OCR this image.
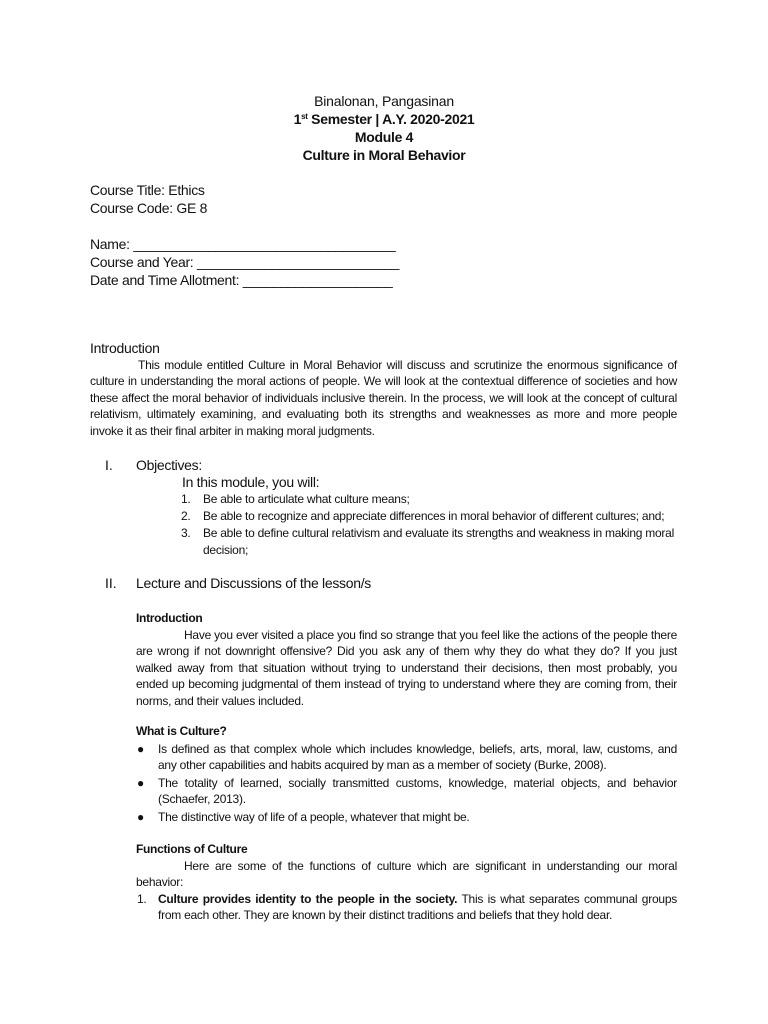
Binalonan, Pangasinan
1st Semester | A.Y. 2020-2021
Module 4
Culture in Moral Behavior
Course Title: Ethics
Course Code: GE 8
Name: ___________________________________
Course and Year: ___________________________
Date and Time Allotment: ____________________
Introduction
This module entitled Culture in Moral Behavior will discuss and scrutinize the enormous significance of culture in understanding the moral actions of people. We will look at the contextual difference of societies and how these affect the moral behavior of individuals inclusive therein. In the process, we will look at the concept of cultural relativism, ultimately examining, and evaluating both its strengths and weaknesses as more and more people invoke it as their final arbiter in making moral judgments.
I. Objectives:
In this module, you will:
1. Be able to articulate what culture means;
2. Be able to recognize and appreciate differences in moral behavior of different cultures; and;
3. Be able to define cultural relativism and evaluate its strengths and weakness in making moral decision;
II. Lecture and Discussions of the lesson/s
Introduction
Have you ever visited a place you find so strange that you feel like the actions of the people there are wrong if not downright offensive? Did you ask any of them why they do what they do? If you just walked away from that situation without trying to understand their decisions, then most probably, you ended up becoming judgmental of them instead of trying to understand where they are coming from, their norms, and their values included.
What is Culture?
● Is defined as that complex whole which includes knowledge, beliefs, arts, moral, law, customs, and any other capabilities and habits acquired by man as a member of society (Burke, 2008).
● The totality of learned, socially transmitted customs, knowledge, material objects, and behavior (Schaefer, 2013).
● The distinctive way of life of a people, whatever that might be.
Functions of Culture
Here are some of the functions of culture which are significant in understanding our moral behavior:
1. Culture provides identity to the people in the society. This is what separates communal groups from each other. They are known by their distinct traditions and beliefs that they hold dear.
